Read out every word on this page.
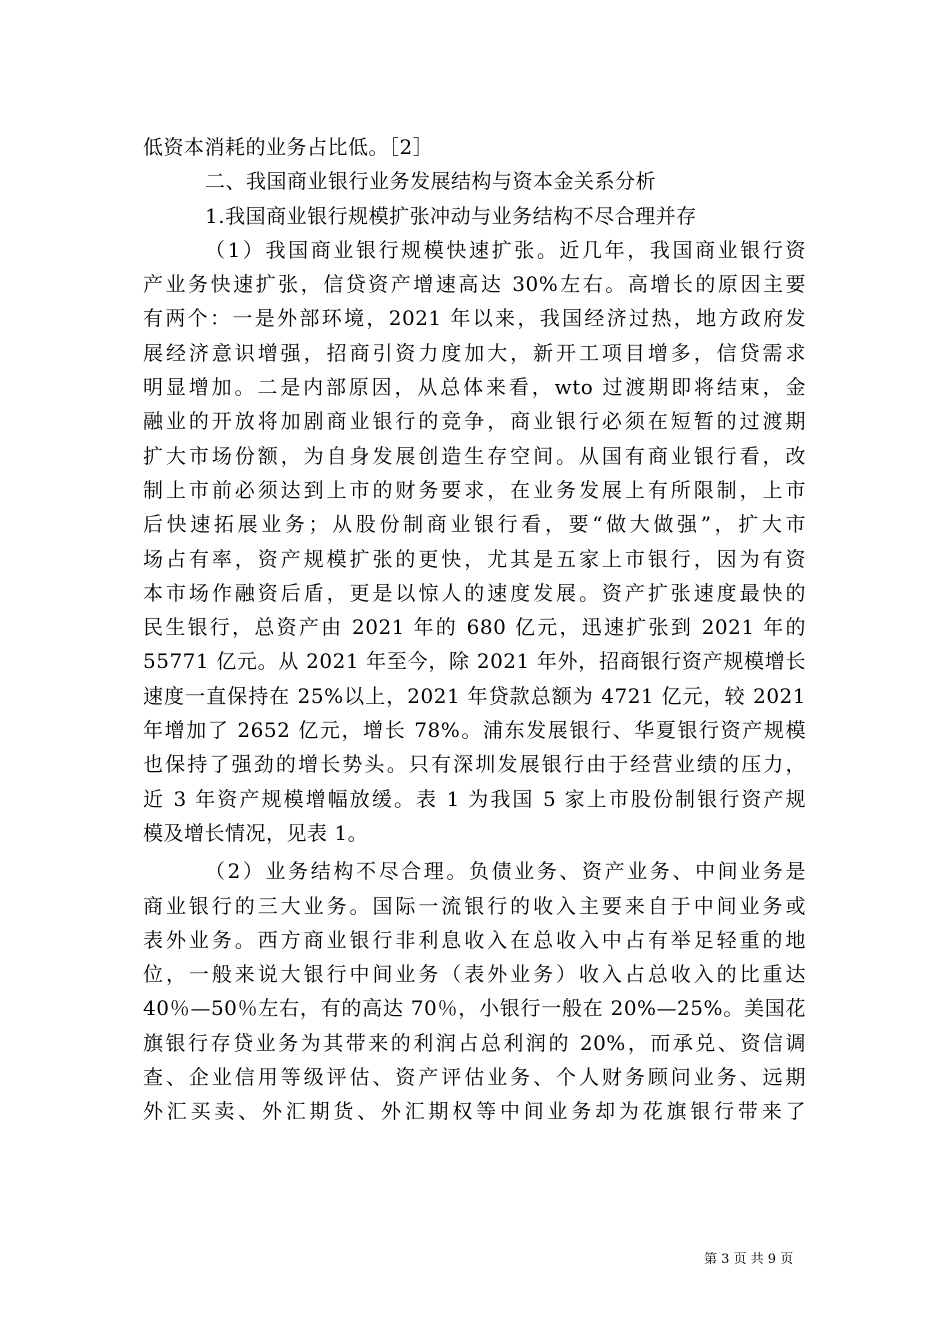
低资本消耗的业务占比低。［2］
二、我国商业银行业务发展结构与资本金关系分析
1.我国商业银行规模扩张冲动与业务结构不尽合理并存
（1）我国商业银行规模快速扩张。近几年，我国商业银行资
产业务快速扩张，信贷资产增速高达 30%左右。高增长的原因主要
有两个：一是外部环境，2021 年以来，我国经济过热，地方政府发
展经济意识增强，招商引资力度加大，新开工项目增多，信贷需求
明显增加。二是内部原因，从总体来看，wto 过渡期即将结束，金
融业的开放将加剧商业银行的竞争，商业银行必须在短暂的过渡期
扩大市场份额，为自身发展创造生存空间。从国有商业银行看，改
制上市前必须达到上市的财务要求，在业务发展上有所限制，上市
后快速拓展业务；从股份制商业银行看，要“做大做强”，扩大市
场占有率，资产规模扩张的更快，尤其是五家上市银行，因为有资
本市场作融资后盾，更是以惊人的速度发展。资产扩张速度最快的
民生银行，总资产由 2021 年的 680 亿元，迅速扩张到 2021 年的
55771 亿元。从 2021 年至今，除 2021 年外，招商银行资产规模增长
速度一直保持在 25%以上，2021 年贷款总额为 4721 亿元，较 2021
年增加了 2652 亿元，增长 78%。浦东发展银行、华夏银行资产规模
也保持了强劲的增长势头。只有深圳发展银行由于经营业绩的压力，
近 3 年资产规模增幅放缓。表 1 为我国 5 家上市股份制银行资产规
模及增长情况，见表 1。
（2）业务结构不尽合理。负债业务、资产业务、中间业务是
商业银行的三大业务。国际一流银行的收入主要来自于中间业务或
表外业务。西方商业银行非利息收入在总收入中占有举足轻重的地
位，一般来说大银行中间业务（表外业务）收入占总收入的比重达
40％—50％左右，有的高达 70％，小银行一般在 20%—25%。美国花
旗银行存贷业务为其带来的利润占总利润的 20%，而承兑、资信调
查、企业信用等级评估、资产评估业务、个人财务顾问业务、远期
外汇买卖、外汇期货、外汇期权等中间业务却为花旗银行带来了
第 3 页 共 9 页
